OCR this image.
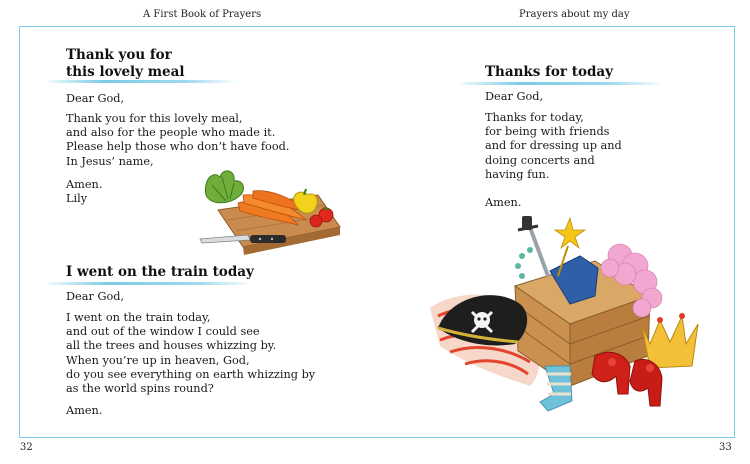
A First Book of Prayers	Prayers about my day
Thank you for
this lovely meal
Dear God,
Thank you for this lovely meal,
and also for the people who made it.
Please help those who don’t have food.
In Jesus’ name,
Amen.
Lily
I went on the train today
Dear God,
I went on the train today,
and out of the window I could see
all the trees and houses whizzing by.
When you’re up in heaven, God,
do you see everything on earth whizzing by
as the world spins round?
Amen.
Thanks for today
Dear God,
Thanks for today,
for being with friends
and for dressing up and
doing concerts and
having fun.
Amen.
32	33
